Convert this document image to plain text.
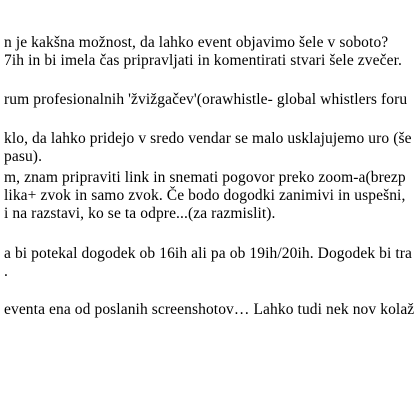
n je kakšna možnost, da lahko event objavimo šele v soboto?
7ih in bi imela čas pripravljati in komentirati stvari šele zvečer.
rum profesionalnih 'žvižgačev'(orawhistle- global whistlers foru
klo, da lahko pridejo v sredo vendar se malo usklajujemo uro (še
pasu).
m, znam pripraviti link in snemati pogovor preko zoom-a(brezp
lika+ zvok in samo zvok. Če bodo dogodki zanimivi in uspešni,
i na razstavi, ko se ta odpre...(za razmislit).
a bi potekal dogodek ob 16ih ali pa ob 19ih/20ih. Dogodek bi tra
.
eventa ena od poslanih screenshotov… Lahko tudi nek nov kolaž
